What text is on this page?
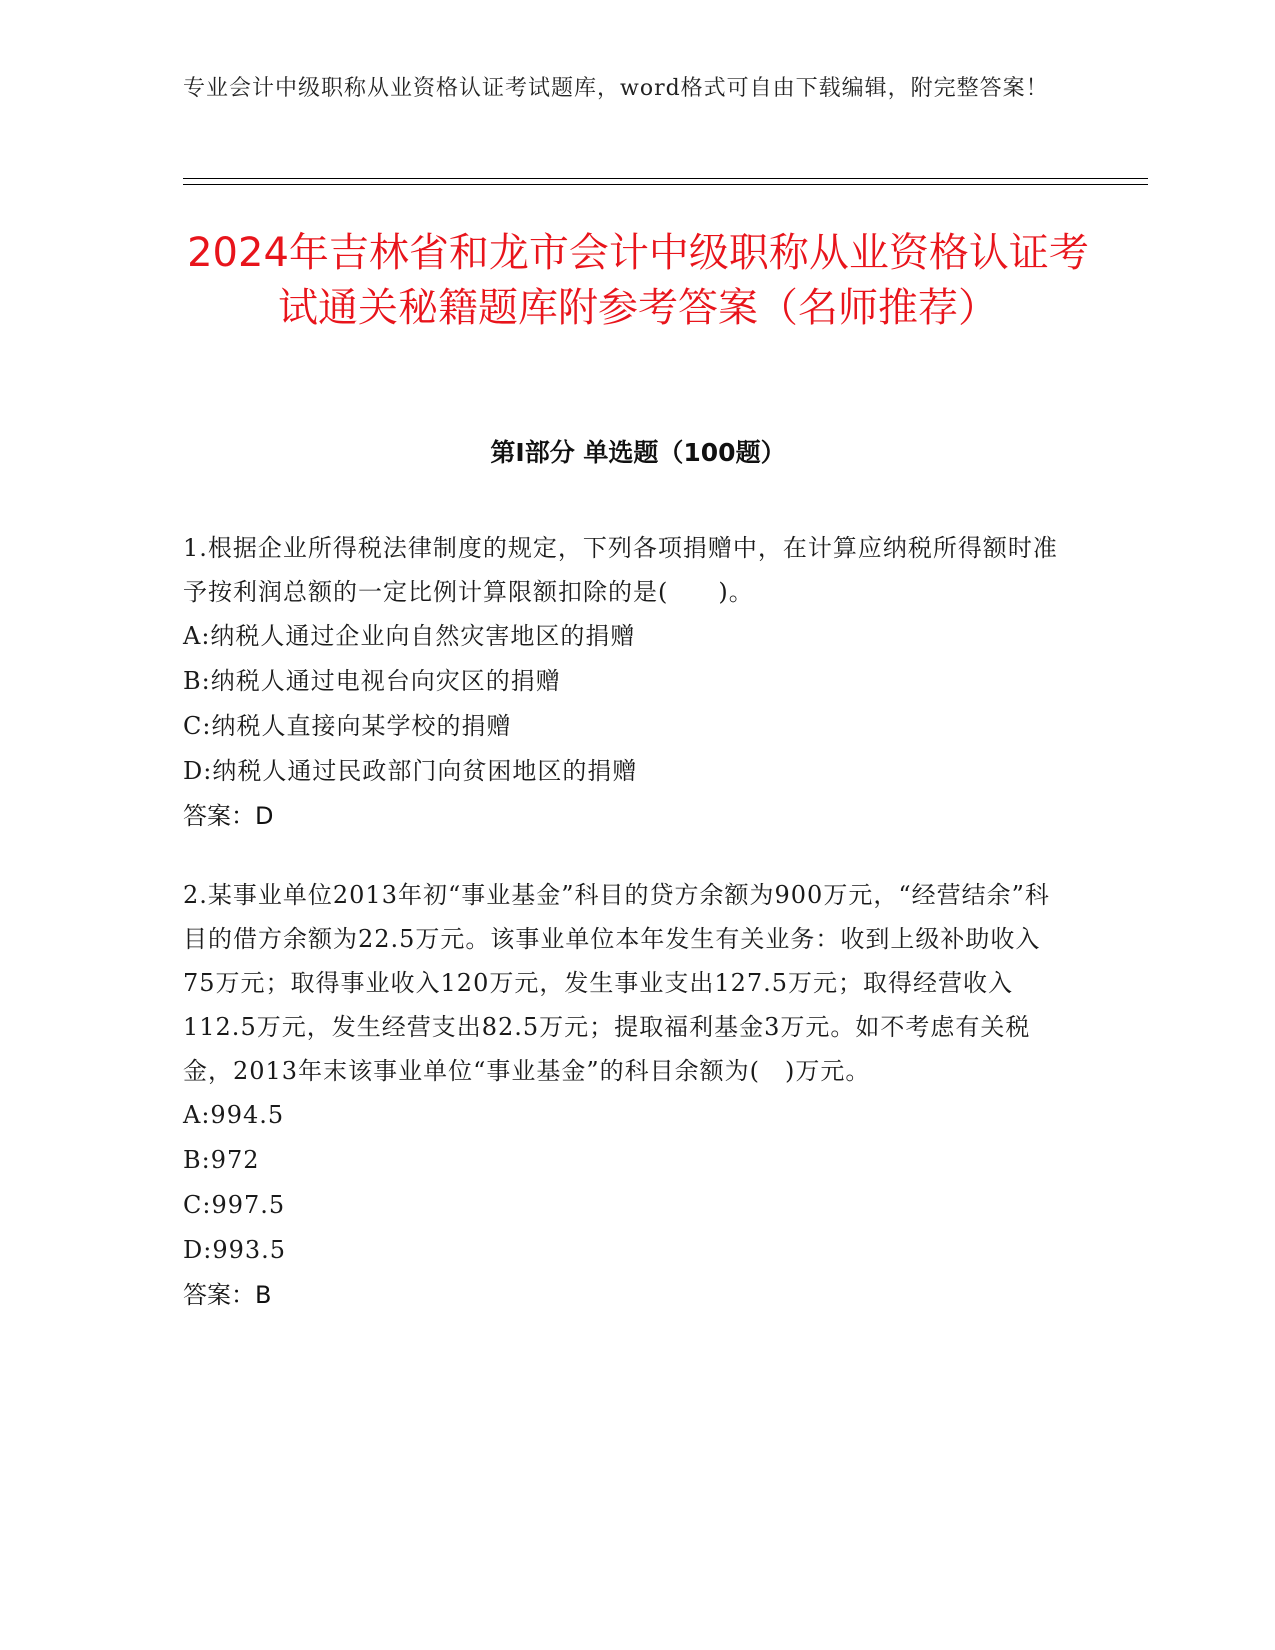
专业会计中级职称从业资格认证考试题库，word格式可自由下载编辑，附完整答案！
2024年吉林省和龙市会计中级职称从业资格认证考试通关秘籍题库附参考答案（名师推荐）
第Ⅰ部分 单选题（100题）

1.根据企业所得税法律制度的规定，下列各项捐赠中，在计算应纳税所得额时准予按利润总额的一定比例计算限额扣除的是(　　)。

A:纳税人通过企业向自然灾害地区的捐赠

B:纳税人通过电视台向灾区的捐赠

C:纳税人直接向某学校的捐赠

D:纳税人通过民政部门向贫困地区的捐赠

答案：D

2.某事业单位2013年初“事业基金”科目的贷方余额为900万元，“经营结余”科目的借方余额为22.5万元。该事业单位本年发生有关业务：收到上级补助收入75万元；取得事业收入120万元，发生事业支出127.5万元；取得经营收入112.5万元，发生经营支出82.5万元；提取福利基金3万元。如不考虑有关税金，2013年末该事业单位“事业基金”的科目余额为(　)万元。

A:994.5

B:972

C:997.5

D:993.5

答案：B
